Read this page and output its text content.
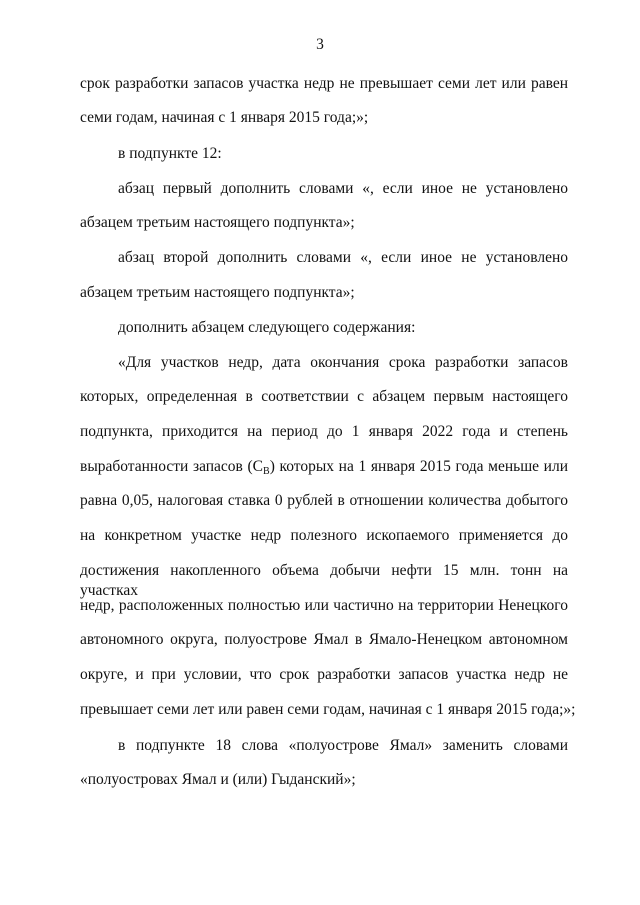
3
срок разработки запасов участка недр не превышает семи лет или равен
семи годам, начиная с 1 января 2015 года;»;
в подпункте 12:
абзац первый дополнить словами «, если иное не установлено
абзацем третьим настоящего подпункта»;
абзац второй дополнить словами «, если иное не установлено
абзацем третьим настоящего подпункта»;
дополнить абзацем следующего содержания:
«Для участков недр, дата окончания срока разработки запасов
которых, определенная в соответствии с абзацем первым настоящего
подпункта, приходится на период до 1 января 2022 года и степень
выработанности запасов $(С_В)$ которых на 1 января 2015 года меньше или
равна 0,05, налоговая ставка 0 рублей в отношении количества добытого
на конкретном участке недр полезного ископаемого применяется до
достижения накопленного объема добычи нефти 15 млн. тонн на участках
недр, расположенных полностью или частично на территории Ненецкого
автономного округа, полуострове Ямал в Ямало-Ненецком автономном
округе, и при условии, что срок разработки запасов участка недр не
превышает семи лет или равен семи годам, начиная с 1 января 2015 года;»;
в подпункте 18 слова «полуострове Ямал» заменить словами
«полуостровах Ямал и (или) Гыданский»;
